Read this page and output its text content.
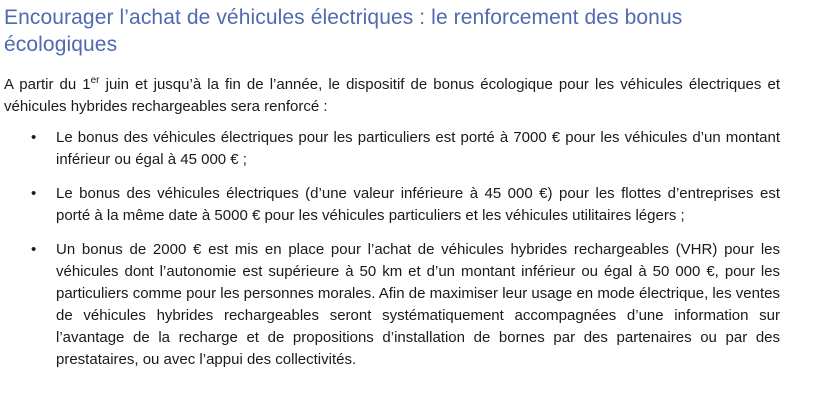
Encourager l’achat de véhicules électriques : le renforcement des bonus écologiques

A partir du 1er juin et jusqu’à la fin de l’année, le dispositif de bonus écologique pour les véhicules électriques et véhicules hybrides rechargeables sera renforcé :

• Le bonus des véhicules électriques pour les particuliers est porté à 7000 € pour les véhicules d’un montant inférieur ou égal à 45 000 € ;
• Le bonus des véhicules électriques (d’une valeur inférieure à 45 000 €) pour les flottes d’entreprises est porté à la même date à 5000 € pour les véhicules particuliers et les véhicules utilitaires légers ;
• Un bonus de 2000 € est mis en place pour l’achat de véhicules hybrides rechargeables (VHR) pour les véhicules dont l’autonomie est supérieure à 50 km et d’un montant inférieur ou égal à 50 000 €, pour les particuliers comme pour les personnes morales. Afin de maximiser leur usage en mode électrique, les ventes de véhicules hybrides rechargeables seront systématiquement accompagnées d’une information sur l’avantage de la recharge et de propositions d’installation de bornes par des partenaires ou par des prestataires, ou avec l’appui des collectivités.
